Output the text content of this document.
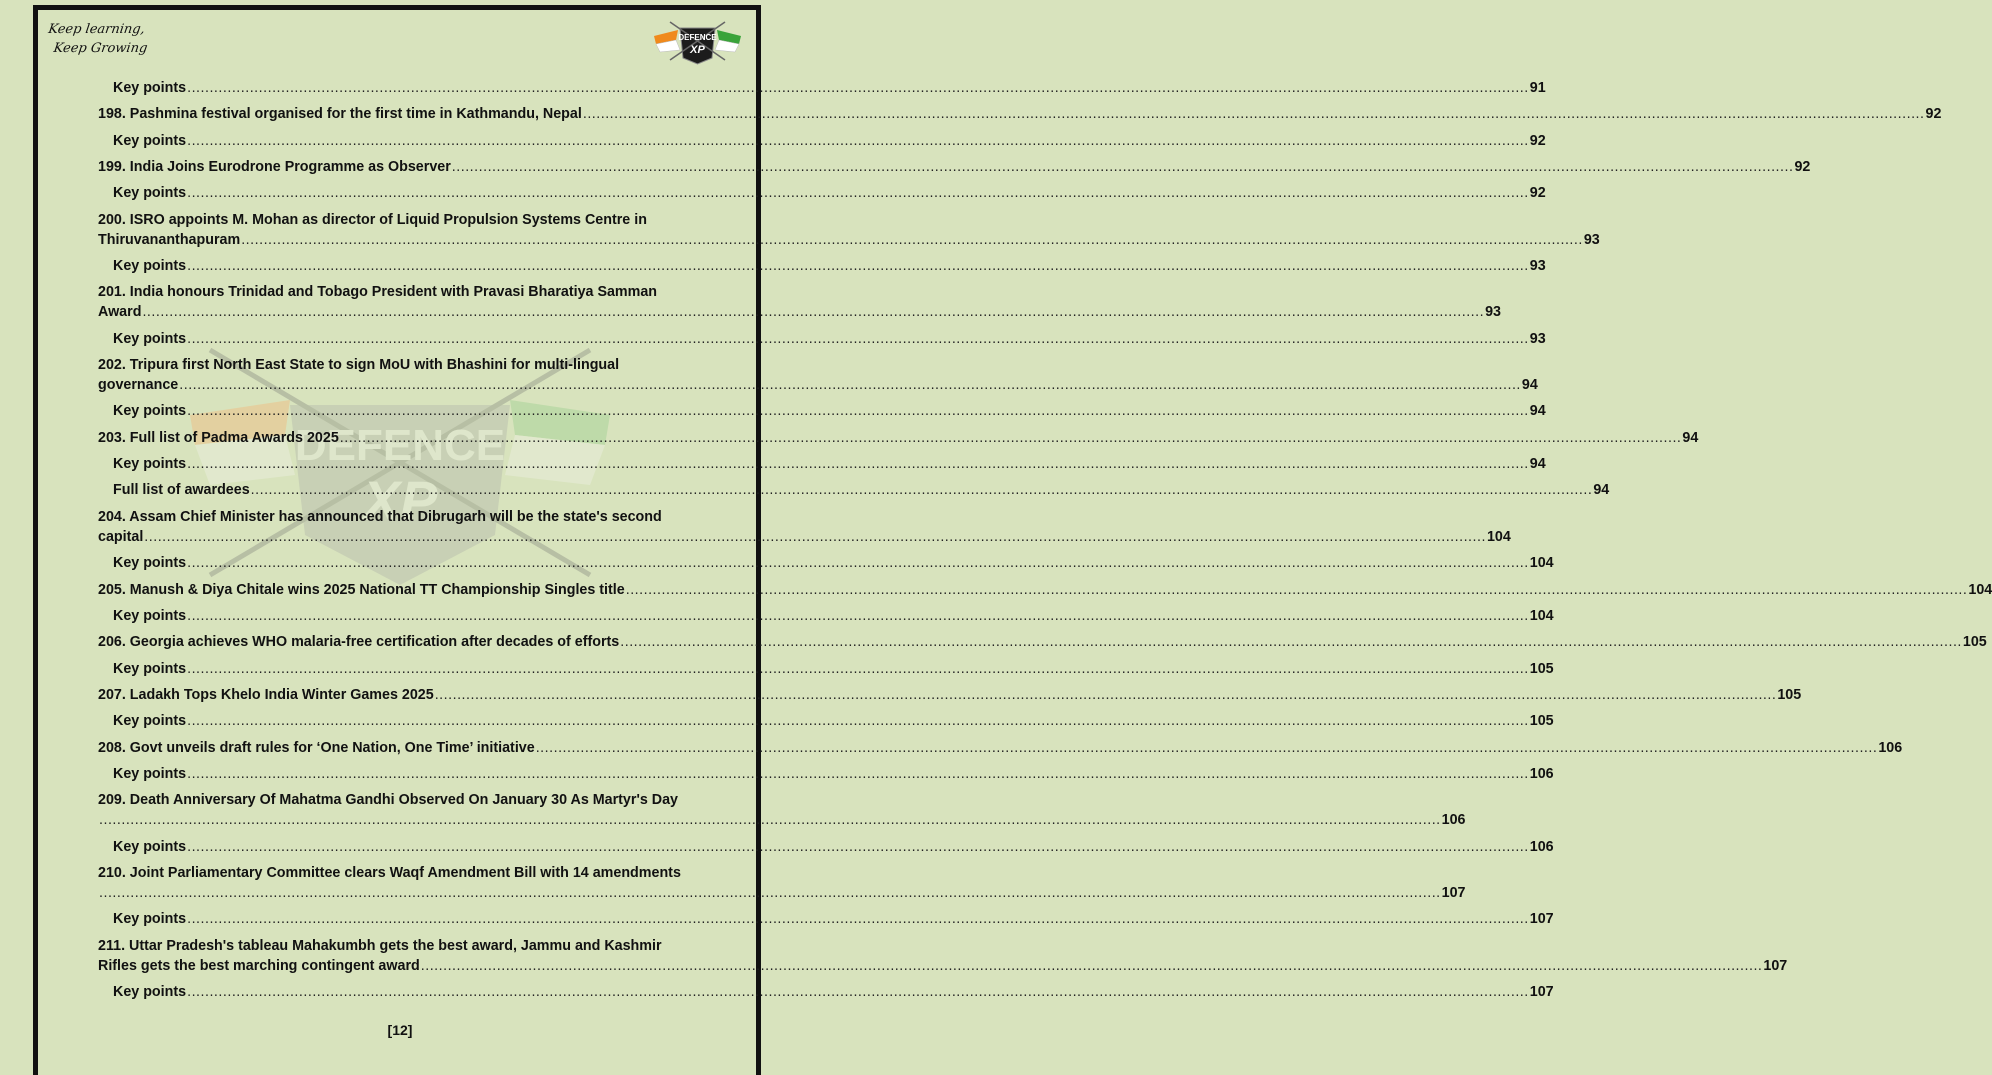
Keep learning,
Keep Growing
DEFENCE
XP
DEFENCE
XP
Key points ............................................................................................................................................................................................................................................................................................................ 91
198. Pashmina festival organised for the first time in Kathmandu, Nepal ............................................................................................................................................................................................................................................................................................................ 92
Key points ............................................................................................................................................................................................................................................................................................................ 92
199. India Joins Eurodrone Programme as Observer ............................................................................................................................................................................................................................................................................................................ 92
Key points ............................................................................................................................................................................................................................................................................................................ 92
200. ISRO appoints M. Mohan as director of Liquid Propulsion Systems Centre in
Thiruvananthapuram ............................................................................................................................................................................................................................................................................................................ 93
Key points ............................................................................................................................................................................................................................................................................................................ 93
201. India honours Trinidad and Tobago President with Pravasi Bharatiya Samman
Award ............................................................................................................................................................................................................................................................................................................ 93
Key points ............................................................................................................................................................................................................................................................................................................ 93
202. Tripura first North East State to sign MoU with Bhashini for multi-lingual
governance ............................................................................................................................................................................................................................................................................................................ 94
Key points ............................................................................................................................................................................................................................................................................................................ 94
203. Full list of Padma Awards 2025 ............................................................................................................................................................................................................................................................................................................ 94
Key points ............................................................................................................................................................................................................................................................................................................ 94
Full list of awardees ............................................................................................................................................................................................................................................................................................................ 94
204. Assam Chief Minister has announced that Dibrugarh will be the state's second
capital ............................................................................................................................................................................................................................................................................................................ 104
Key points ............................................................................................................................................................................................................................................................................................................ 104
205. Manush & Diya Chitale wins 2025 National TT Championship Singles title ............................................................................................................................................................................................................................................................................................................ 104
Key points ............................................................................................................................................................................................................................................................................................................ 104
206. Georgia achieves WHO malaria-free certification after decades of efforts ............................................................................................................................................................................................................................................................................................................ 105
Key points ............................................................................................................................................................................................................................................................................................................ 105
207. Ladakh Tops Khelo India Winter Games 2025 ............................................................................................................................................................................................................................................................................................................ 105
Key points ............................................................................................................................................................................................................................................................................................................ 105
208. Govt unveils draft rules for ‘One Nation, One Time’ initiative ............................................................................................................................................................................................................................................................................................................ 106
Key points ............................................................................................................................................................................................................................................................................................................ 106
209. Death Anniversary Of Mahatma Gandhi Observed On January 30 As Martyr's Day
............................................................................................................................................................................................................................................................................................................ 106
Key points ............................................................................................................................................................................................................................................................................................................ 106
210. Joint Parliamentary Committee clears Waqf Amendment Bill with 14 amendments
............................................................................................................................................................................................................................................................................................................ 107
Key points ............................................................................................................................................................................................................................................................................................................ 107
211. Uttar Pradesh's tableau Mahakumbh gets the best award, Jammu and Kashmir
Rifles gets the best marching contingent award ............................................................................................................................................................................................................................................................................................................ 107
Key points ............................................................................................................................................................................................................................................................................................................ 107
[12]
